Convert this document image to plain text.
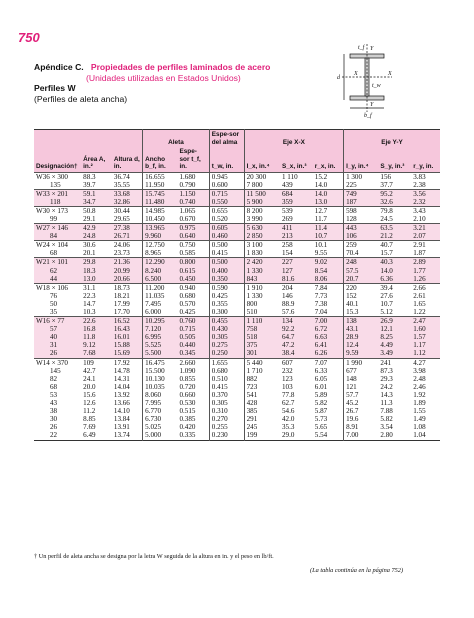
750
Apéndice C. Propiedades de perfiles laminados de acero
(Unidades utilizadas en Estados Unidos)
Perfiles W
(Perfiles de aleta ancha)
t_f Y
d
X	X
t_w
Y
b_f
Designación†	Área A, in.²	Altura d, in.	Aleta		Espe-sor del alma	Eje X-X			Eje Y-Y		
			Ancho b_f, in.	Espe-sor t_f, in.	t_w, in.	I_x, in.⁴	S_x, in.³	r_x, in.	I_y, in.⁴	S_y, in.³	r_y, in.
W36 × 300	88.3	36.74	16.655	1.680	0.945	20 300	1 110	15.2	1 300	156	3.83
135	39.7	35.55	11.950	0.790	0.600	7 800	439	14.0	225	37.7	2.38
W33 × 201	59.1	33.68	15.745	1.150	0.715	11 500	684	14.0	749	95.2	3.56
118	34.7	32.86	11.480	0.740	0.550	5 900	359	13.0	187	32.6	2.32
W30 × 173	50.8	30.44	14.985	1.065	0.655	8 200	539	12.7	598	79.8	3.43
99	29.1	29.65	10.450	0.670	0.520	3 990	269	11.7	128	24.5	2.10
W27 × 146	42.9	27.38	13.965	0.975	0.605	5 630	411	11.4	443	63.5	3.21
84	24.8	26.71	9.960	0.640	0.460	2 850	213	10.7	106	21.2	2.07
W24 × 104	30.6	24.06	12.750	0.750	0.500	3 100	258	10.1	259	40.7	2.91
68	20.1	23.73	8.965	0.585	0.415	1 830	154	9.55	70.4	15.7	1.87
W21 × 101	29.8	21.36	12.290	0.800	0.500	2 420	227	9.02	248	40.3	2.89
62	18.3	20.99	8.240	0.615	0.400	1 330	127	8.54	57.5	14.0	1.77
44	13.0	20.66	6.500	0.450	0.350	843	81.6	8.06	20.7	6.36	1.26
W18 × 106	31.1	18.73	11.200	0.940	0.590	1 910	204	7.84	220	39.4	2.66
76	22.3	18.21	11.035	0.680	0.425	1 330	146	7.73	152	27.6	2.61
50	14.7	17.99	7.495	0.570	0.355	800	88.9	7.38	40.1	10.7	1.65
35	10.3	17.70	6.000	0.425	0.300	510	57.6	7.04	15.3	5.12	1.22
W16 × 77	22.6	16.52	10.295	0.760	0.455	1 110	134	7.00	138	26.9	2.47
57	16.8	16.43	7.120	0.715	0.430	758	92.2	6.72	43.1	12.1	1.60
40	11.8	16.01	6.995	0.505	0.305	518	64.7	6.63	28.9	8.25	1.57
31	9.12	15.88	5.525	0.440	0.275	375	47.2	6.41	12.4	4.49	1.17
26	7.68	15.69	5.500	0.345	0.250	301	38.4	6.26	9.59	3.49	1.12
W14 × 370	109	17.92	16.475	2.660	1.655	5 440	607	7.07	1 990	241	4.27
145	42.7	14.78	15.500	1.090	0.680	1 710	232	6.33	677	87.3	3.98
82	24.1	14.31	10.130	0.855	0.510	882	123	6.05	148	29.3	2.48
68	20.0	14.04	10.035	0.720	0.415	723	103	6.01	121	24.2	2.46
53	15.6	13.92	8.060	0.660	0.370	541	77.8	5.89	57.7	14.3	1.92
43	12.6	13.66	7.995	0.530	0.305	428	62.7	5.82	45.2	11.3	1.89
38	11.2	14.10	6.770	0.515	0.310	385	54.6	5.87	26.7	7.88	1.55
30	8.85	13.84	6.730	0.385	0.270	291	42.0	5.73	19.6	5.82	1.49
26	7.69	13.91	5.025	0.420	0.255	245	35.3	5.65	8.91	3.54	1.08
22	6.49	13.74	5.000	0.335	0.230	199	29.0	5.54	7.00	2.80	1.04
† Un perfil de aleta ancha se designa por la letra W seguida de la altura en in. y el peso en lb/ft.
(La tabla continúa en la página 752)
